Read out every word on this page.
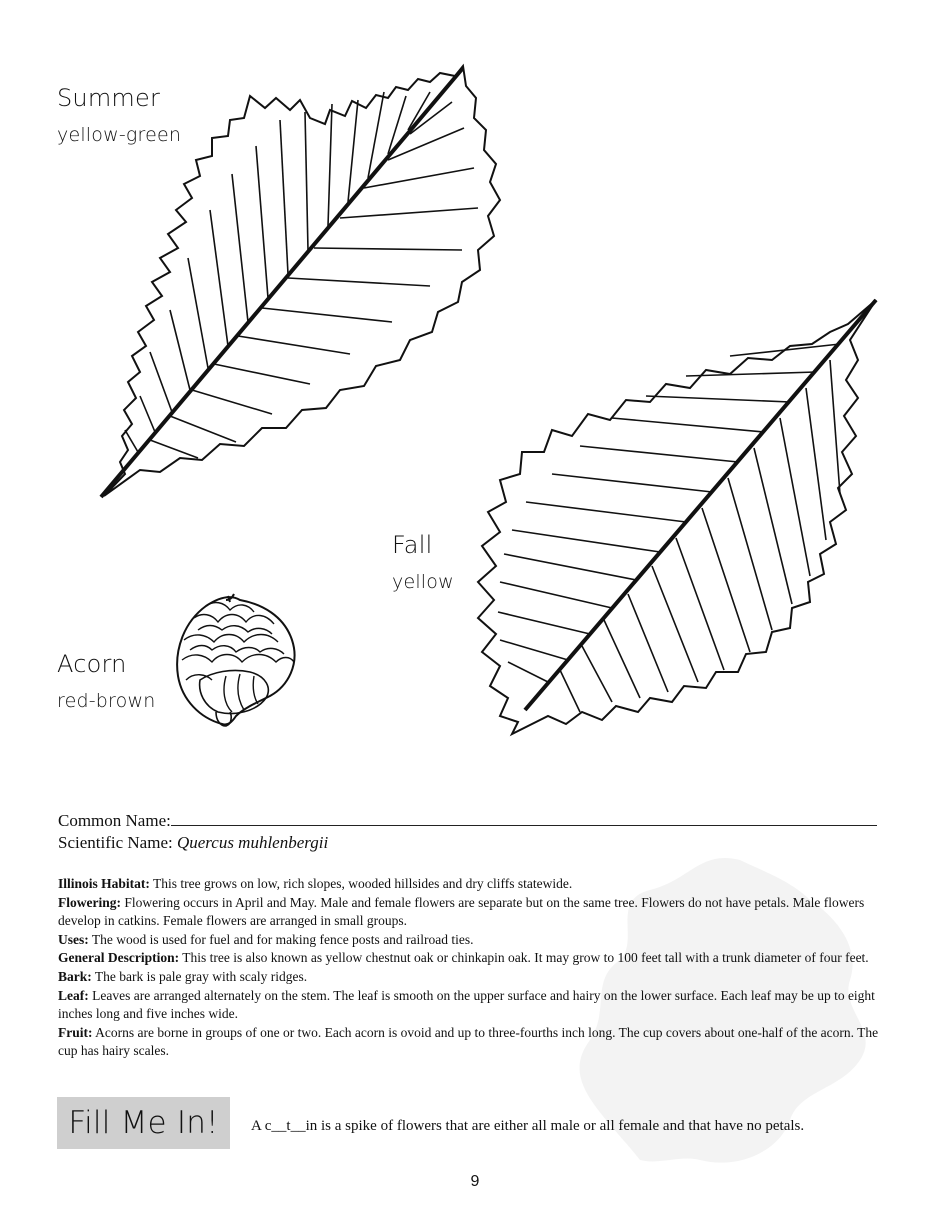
Summer
yellow-green
Fall
yellow
Acorn
red-brown
Common Name:
Scientific Name: Quercus muhlenbergii

Illinois Habitat: This tree grows on low, rich slopes, wooded hillsides and dry cliffs statewide.

Flowering: Flowering occurs in April and May. Male and female flowers are separate but on the same tree. Flowers do not have petals. Male flowers develop in catkins. Female flowers are arranged in small groups.

Uses: The wood is used for fuel and for making fence posts and railroad ties.

General Description: This tree is also known as yellow chestnut oak or chinkapin oak. It may grow to 100 feet tall with a trunk diameter of four feet.

Bark: The bark is pale gray with scaly ridges.

Leaf: Leaves are arranged alternately on the stem. The leaf is smooth on the upper surface and hairy on the lower surface. Each leaf may be up to eight inches long and five inches wide.

Fruit: Acorns are borne in groups of one or two. Each acorn is ovoid and up to three-fourths inch long. The cup covers about one-half of the acorn. The cup has hairy scales.

Fill Me In!	A c__t__in is a spike of flowers that are either all male or all female and that have no petals.
9
